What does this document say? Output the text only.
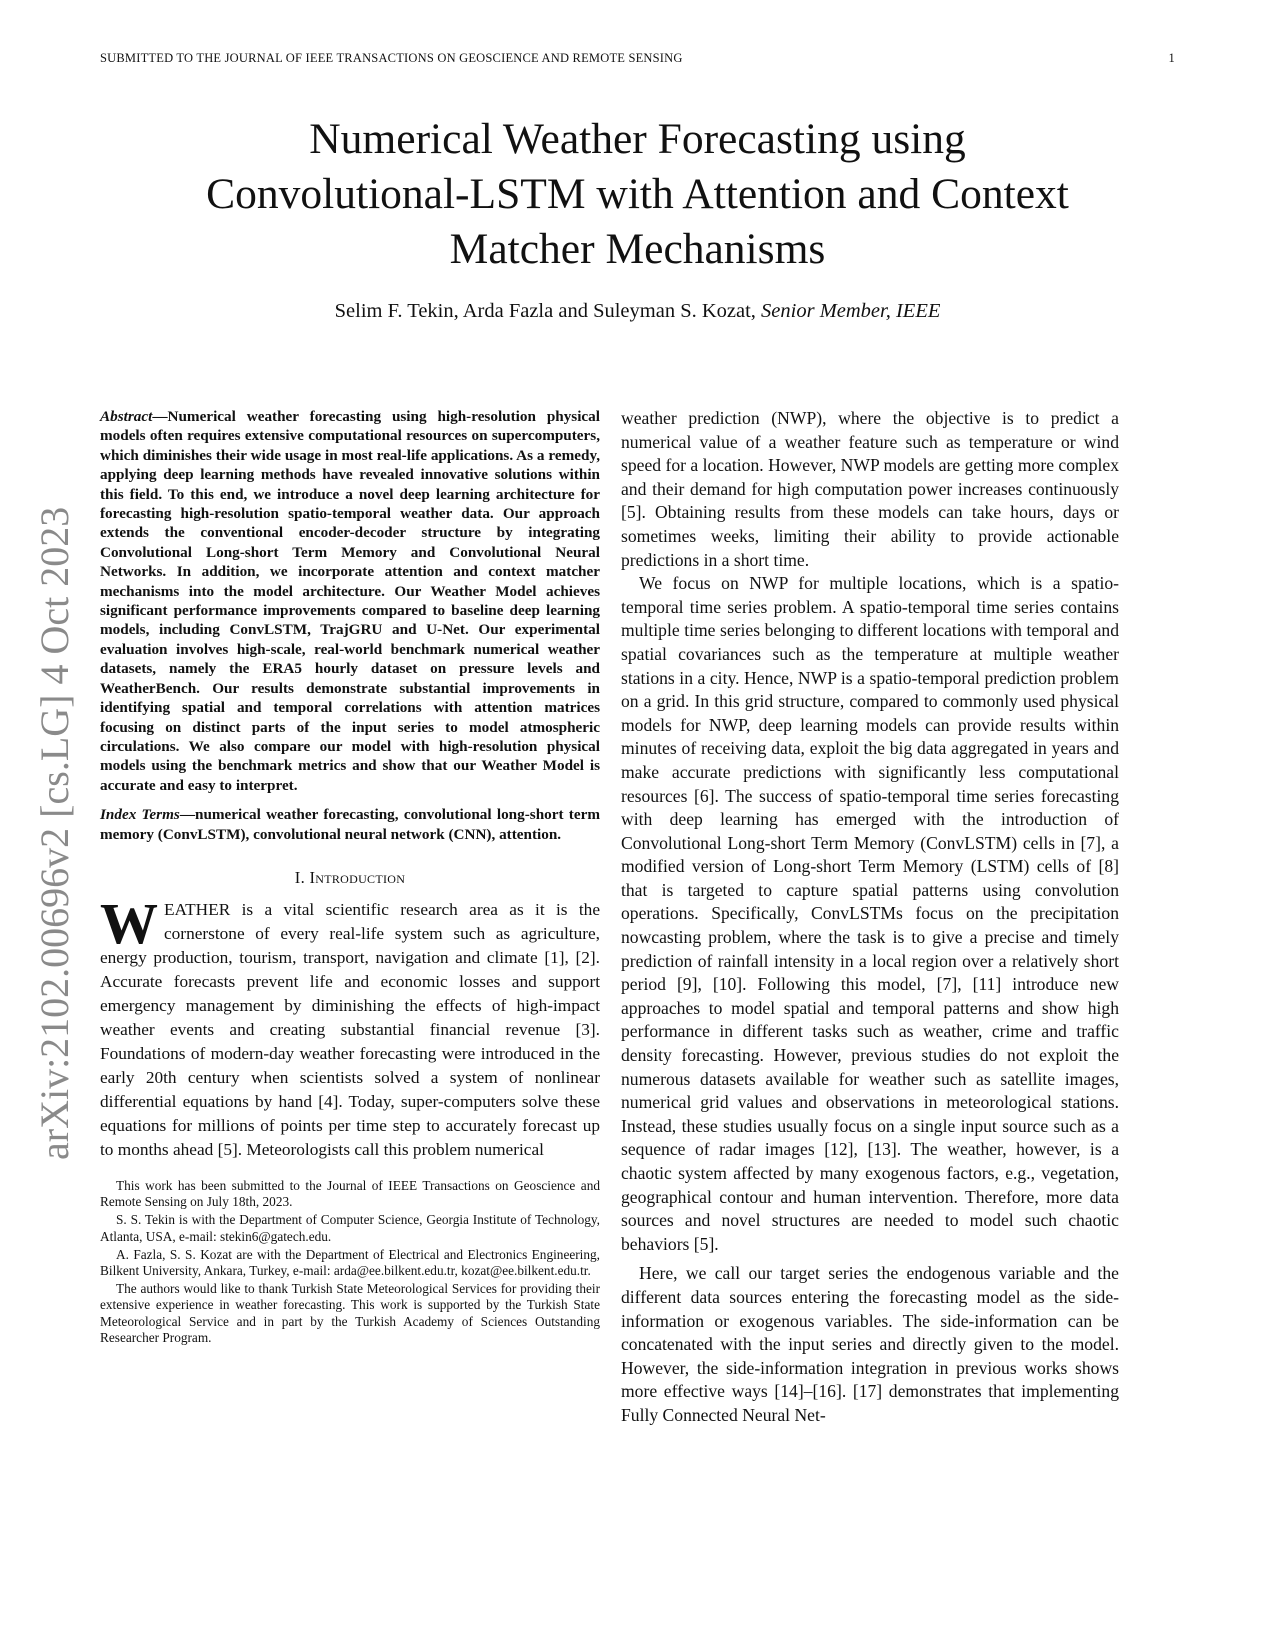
SUBMITTED TO THE JOURNAL OF IEEE TRANSACTIONS ON GEOSCIENCE AND REMOTE SENSING	1
Numerical Weather Forecasting using
Convolutional-LSTM with Attention and Context
Matcher Mechanisms
Selim F. Tekin, Arda Fazla and Suleyman S. Kozat, Senior Member, IEEE
arXiv:2102.00696v2 [cs.LG] 4 Oct 2023

Abstract—Numerical weather forecasting using high-resolution physical models often requires extensive computational resources on supercomputers, which diminishes their wide usage in most real-life applications. As a remedy, applying deep learning methods have revealed innovative solutions within this field. To this end, we introduce a novel deep learning architecture for forecasting high-resolution spatio-temporal weather data. Our approach extends the conventional encoder-decoder structure by integrating Convolutional Long-short Term Memory and Convolutional Neural Networks. In addition, we incorporate attention and context matcher mechanisms into the model architecture. Our Weather Model achieves significant performance improvements compared to baseline deep learning models, including ConvLSTM, TrajGRU and U-Net. Our experimental evaluation involves high-scale, real-world benchmark numerical weather datasets, namely the ERA5 hourly dataset on pressure levels and WeatherBench. Our results demonstrate substantial improvements in identifying spatial and temporal correlations with attention matrices focusing on distinct parts of the input series to model atmospheric circulations. We also compare our model with high-resolution physical models using the benchmark metrics and show that our Weather Model is accurate and easy to interpret.

Index Terms—numerical weather forecasting, convolutional long-short term memory (ConvLSTM), convolutional neural network (CNN), attention.

I. Introduction

WEATHER is a vital scientific research area as it is the cornerstone of every real-life system such as agriculture, energy production, tourism, transport, navigation and climate [1], [2]. Accurate forecasts prevent life and economic losses and support emergency management by diminishing the effects of high-impact weather events and creating substantial financial revenue [3]. Foundations of modern-day weather forecasting were introduced in the early 20th century when scientists solved a system of nonlinear differential equations by hand [4]. Today, super-computers solve these equations for millions of points per time step to accurately forecast up to months ahead [5]. Meteorologists call this problem numerical

This work has been submitted to the Journal of IEEE Transactions on Geoscience and Remote Sensing on July 18th, 2023.

S. S. Tekin is with the Department of Computer Science, Georgia Institute of Technology, Atlanta, USA, e-mail: stekin6@gatech.edu.

A. Fazla, S. S. Kozat are with the Department of Electrical and Electronics Engineering, Bilkent University, Ankara, Turkey, e-mail: arda@ee.bilkent.edu.tr, kozat@ee.bilkent.edu.tr.

The authors would like to thank Turkish State Meteorological Services for providing their extensive experience in weather forecasting. This work is supported by the Turkish State Meteorological Service and in part by the Turkish Academy of Sciences Outstanding Researcher Program.

weather prediction (NWP), where the objective is to predict a numerical value of a weather feature such as temperature or wind speed for a location. However, NWP models are getting more complex and their demand for high computation power increases continuously [5]. Obtaining results from these models can take hours, days or sometimes weeks, limiting their ability to provide actionable predictions in a short time.

We focus on NWP for multiple locations, which is a spatio-temporal time series problem. A spatio-temporal time series contains multiple time series belonging to different locations with temporal and spatial covariances such as the temperature at multiple weather stations in a city. Hence, NWP is a spatio-temporal prediction problem on a grid. In this grid structure, compared to commonly used physical models for NWP, deep learning models can provide results within minutes of receiving data, exploit the big data aggregated in years and make accurate predictions with significantly less computational resources [6]. The success of spatio-temporal time series forecasting with deep learning has emerged with the introduction of Convolutional Long-short Term Memory (ConvLSTM) cells in [7], a modified version of Long-short Term Memory (LSTM) cells of [8] that is targeted to capture spatial patterns using convolution operations. Specifically, ConvLSTMs focus on the precipitation nowcasting problem, where the task is to give a precise and timely prediction of rainfall intensity in a local region over a relatively short period [9], [10]. Following this model, [7], [11] introduce new approaches to model spatial and temporal patterns and show high performance in different tasks such as weather, crime and traffic density forecasting. However, previous studies do not exploit the numerous datasets available for weather such as satellite images, numerical grid values and observations in meteorological stations. Instead, these studies usually focus on a single input source such as a sequence of radar images [12], [13]. The weather, however, is a chaotic system affected by many exogenous factors, e.g., vegetation, geographical contour and human intervention. Therefore, more data sources and novel structures are needed to model such chaotic behaviors [5].

Here, we call our target series the endogenous variable and the different data sources entering the forecasting model as the side-information or exogenous variables. The side-information can be concatenated with the input series and directly given to the model. However, the side-information integration in previous works shows more effective ways [14]–[16]. [17] demonstrates that implementing Fully Connected Neural Net-
